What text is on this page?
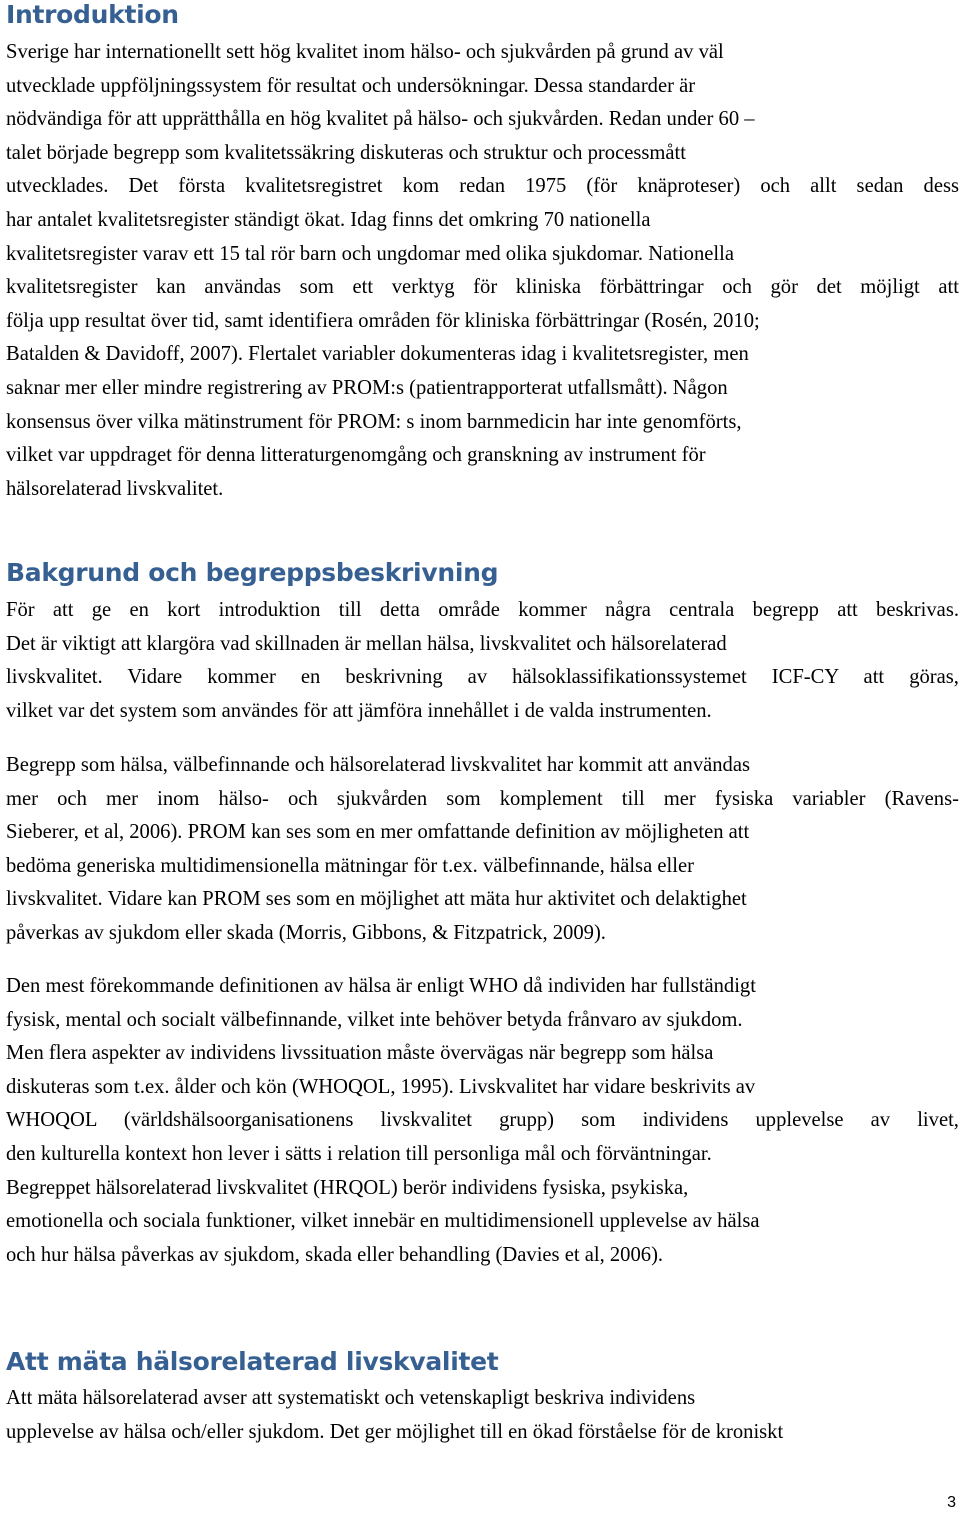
Introduktion
Sverige har internationellt sett hög kvalitet inom hälso- och sjukvården på grund av väl
utvecklade uppföljningssystem för resultat och undersökningar. Dessa standarder är
nödvändiga för att upprätthålla en hög kvalitet på hälso- och sjukvården. Redan under 60 –
talet började begrepp som kvalitetssäkring diskuteras och struktur och processmått
utvecklades. Det första kvalitetsregistret kom redan 1975 (för knäproteser) och allt sedan dess
har antalet kvalitetsregister ständigt ökat. Idag finns det omkring 70 nationella
kvalitetsregister varav ett 15 tal rör barn och ungdomar med olika sjukdomar. Nationella
kvalitetsregister kan användas som ett verktyg för kliniska förbättringar och gör det möjligt att
följa upp resultat över tid, samt identifiera områden för kliniska förbättringar (Rosén, 2010;
Batalden & Davidoff, 2007). Flertalet variabler dokumenteras idag i kvalitetsregister, men
saknar mer eller mindre registrering av PROM:s (patientrapporterat utfallsmått). Någon
konsensus över vilka mätinstrument för PROM: s inom barnmedicin har inte genomförts,
vilket var uppdraget för denna litteraturgenomgång och granskning av instrument för
hälsorelaterad livskvalitet.
Bakgrund och begreppsbeskrivning
För att ge en kort introduktion till detta område kommer några centrala begrepp att beskrivas.
Det är viktigt att klargöra vad skillnaden är mellan hälsa, livskvalitet och hälsorelaterad
livskvalitet. Vidare kommer en beskrivning av hälsoklassifikationssystemet ICF-CY att göras,
vilket var det system som användes för att jämföra innehållet i de valda instrumenten.
Begrepp som hälsa, välbefinnande och hälsorelaterad livskvalitet har kommit att användas
mer och mer inom hälso- och sjukvården som komplement till mer fysiska variabler (Ravens-
Sieberer, et al, 2006). PROM kan ses som en mer omfattande definition av möjligheten att
bedöma generiska multidimensionella mätningar för t.ex. välbefinnande, hälsa eller
livskvalitet. Vidare kan PROM ses som en möjlighet att mäta hur aktivitet och delaktighet
påverkas av sjukdom eller skada (Morris, Gibbons, & Fitzpatrick, 2009).
Den mest förekommande definitionen av hälsa är enligt WHO då individen har fullständigt
fysisk, mental och socialt välbefinnande, vilket inte behöver betyda frånvaro av sjukdom.
Men flera aspekter av individens livssituation måste övervägas när begrepp som hälsa
diskuteras som t.ex. ålder och kön (WHOQOL, 1995). Livskvalitet har vidare beskrivits av
WHOQOL (världshälsoorganisationens livskvalitet grupp) som individens upplevelse av livet,
den kulturella kontext hon lever i sätts i relation till personliga mål och förväntningar.
Begreppet hälsorelaterad livskvalitet (HRQOL) berör individens fysiska, psykiska,
emotionella och sociala funktioner, vilket innebär en multidimensionell upplevelse av hälsa
och hur hälsa påverkas av sjukdom, skada eller behandling (Davies et al, 2006).
Att mäta hälsorelaterad livskvalitet
Att mäta hälsorelaterad avser att systematiskt och vetenskapligt beskriva individens
upplevelse av hälsa och/eller sjukdom. Det ger möjlighet till en ökad förståelse för de kroniskt
3
